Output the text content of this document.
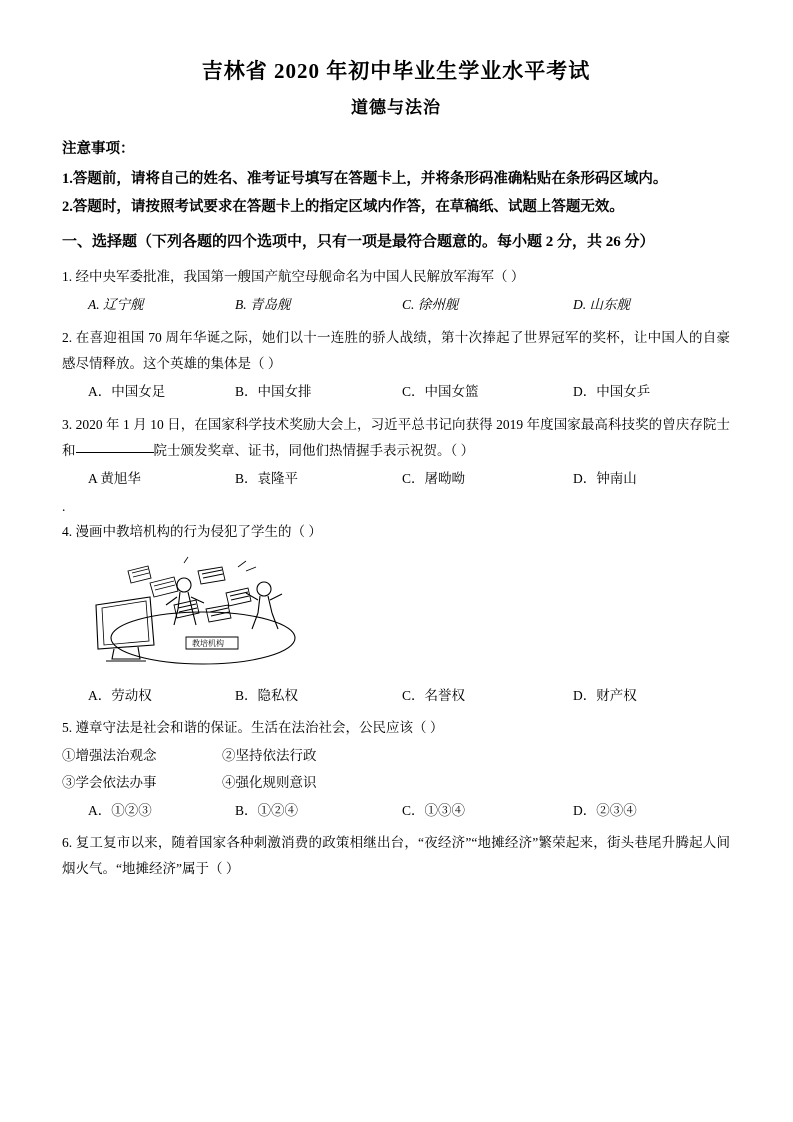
吉林省 2020 年初中毕业生学业水平考试
道德与法治

注意事项：

1.答题前，请将自己的姓名、准考证号填写在答题卡上，并将条形码准确粘贴在条形码区域内。

2.答题时，请按照考试要求在答题卡上的指定区域内作答，在草稿纸、试题上答题无效。

一、选择题（下列各题的四个选项中，只有一项是最符合题意的。每小题 2 分，共 26 分）

1. 经中央军委批准，我国第一艘国产航空母舰命名为中国人民解放军海军（ ）

A. 辽宁舰	B. 青岛舰	C. 徐州舰	D. 山东舰

2. 在喜迎祖国 70 周年华诞之际，她们以十一连胜的骄人战绩，第十次捧起了世界冠军的奖杯，让中国人的自豪感尽情释放。这个英雄的集体是（ ）

A．中国女足	B．中国女排	C．中国女篮	D．中国女乒

3. 2020 年 1 月 10 日，在国家科学技术奖励大会上，习近平总书记向获得 2019 年度国家最高科技奖的曾庆存院士和	院士颁发奖章、证书，同他们热情握手表示祝贺。（ ）

A 黄旭华	B．袁隆平	C．屠呦呦	D．钟南山

.

4. 漫画中教培机构的行为侵犯了学生的（ ）

教培机构
A．劳动权	B．隐私权	C．名誉权	D．财产权

5. 遵章守法是社会和谐的保证。生活在法治社会，公民应该（ ）

①增强法治观念	②坚持依法行政
③学会依法办事	④强化规则意识
A．①②③	B．①②④	C．①③④	D．②③④

6. 复工复市以来，随着国家各种刺激消费的政策相继出台，“夜经济”“地摊经济”繁荣起来，街头巷尾升腾起人间烟火气。“地摊经济”属于（ ）
